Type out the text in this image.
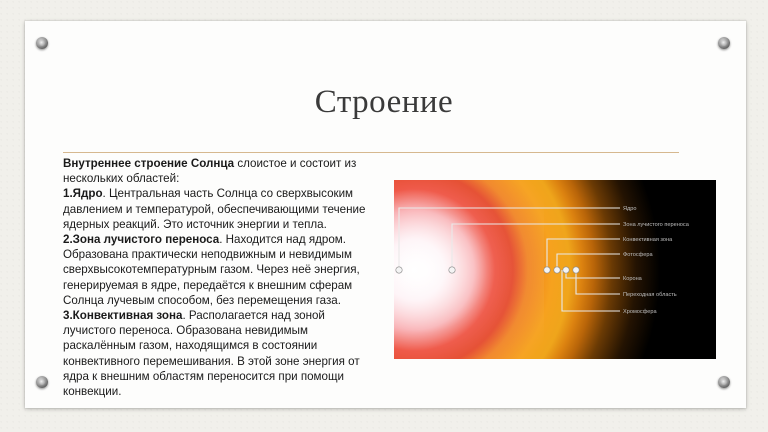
Строение

Внутреннее строение Солнца слоистое и состоит из нескольких областей:

1.Ядро. Центральная часть Солнца со сверхвысоким давлением и температурой, обеспечивающими течение ядерных реакций. Это источник энергии и тепла.

2.Зона лучистого переноса. Находится над ядром. Образована практически неподвижным и невидимым сверхвысокотемпературным газом. Через неё энергия, генерируемая в ядре, передаётся к внешним сферам Солнца лучевым способом, без перемещения газа.

3.Конвективная зона. Располагается над зоной лучистого переноса. Образована невидимым раскалённым газом, находящимся в состоянии конвективного перемешивания. В этой зоне энергия от ядра к внешним областям переносится при помощи конвекции.

Ядро
Зона лучистого переноса
Конвективная зона
Фотосфера
Корона
Переходная область
Хромосфера
